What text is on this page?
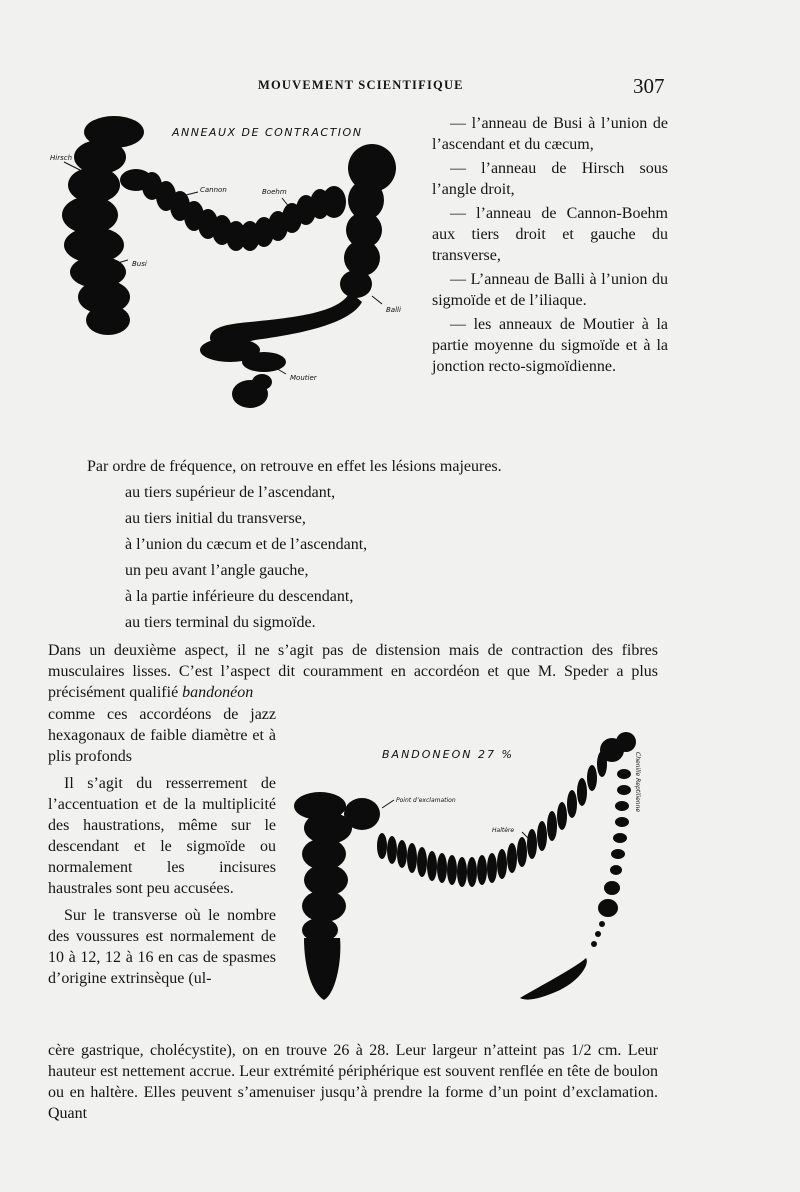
MOUVEMENT SCIENTIFIQUE	307
ANNEAUX DE CONTRACTION
Hirsch
Cannon	Boehm
Busi
Balli
Moutier

— l’anneau de Busi à l’union de l’ascendant et du cæcum,

— l’anneau de Hirsch sous l’angle droit,

— l’anneau de Cannon-Boehm aux tiers droit et gauche du transverse,

— L’anneau de Balli à l’union du sigmoïde et de l’iliaque.

— les anneaux de Moutier à la partie moyenne du sigmoïde et à la jonction recto-sigmoïdienne.

Par ordre de fréquence, on retrouve en effet les lésions majeures.
au tiers supérieur de l’ascendant,
au tiers initial du transverse,
à l’union du cæcum et de l’ascendant,
un peu avant l’angle gauche,
à la partie inférieure du descendant,
au tiers terminal du sigmoïde.

Dans un deuxième aspect, il ne s’agit pas de distension mais de contraction des fibres musculaires lisses. C’est l’aspect dit couramment en accordéon et que M. Speder a plus précisément qualifié bandonéon

comme ces accordéons de jazz hexagonaux de faible diamètre et à plis profonds

Il s’agit du resserrement de l’accentuation et de la multiplicité des haustrations, même sur le descendant et le sigmoïde ou normalement les incisures haustrales sont peu accusées.

Sur le transverse où le nombre des voussures est normalement de 10 à 12, 12 à 16 en cas de spasmes d’origine extrinsèque (ul-

BANDONEON 27 %
Point d’exclamation
Haltère
Chenille Reptilienne

cère gastrique, cholécystite), on en trouve 26 à 28. Leur largeur n’atteint pas 1/2 cm. Leur hauteur est nettement accrue. Leur extrémité périphérique est souvent renflée en tête de boulon ou en haltère. Elles peuvent s’amenuiser jusqu’à prendre la forme d’un point d’exclamation. Quant
